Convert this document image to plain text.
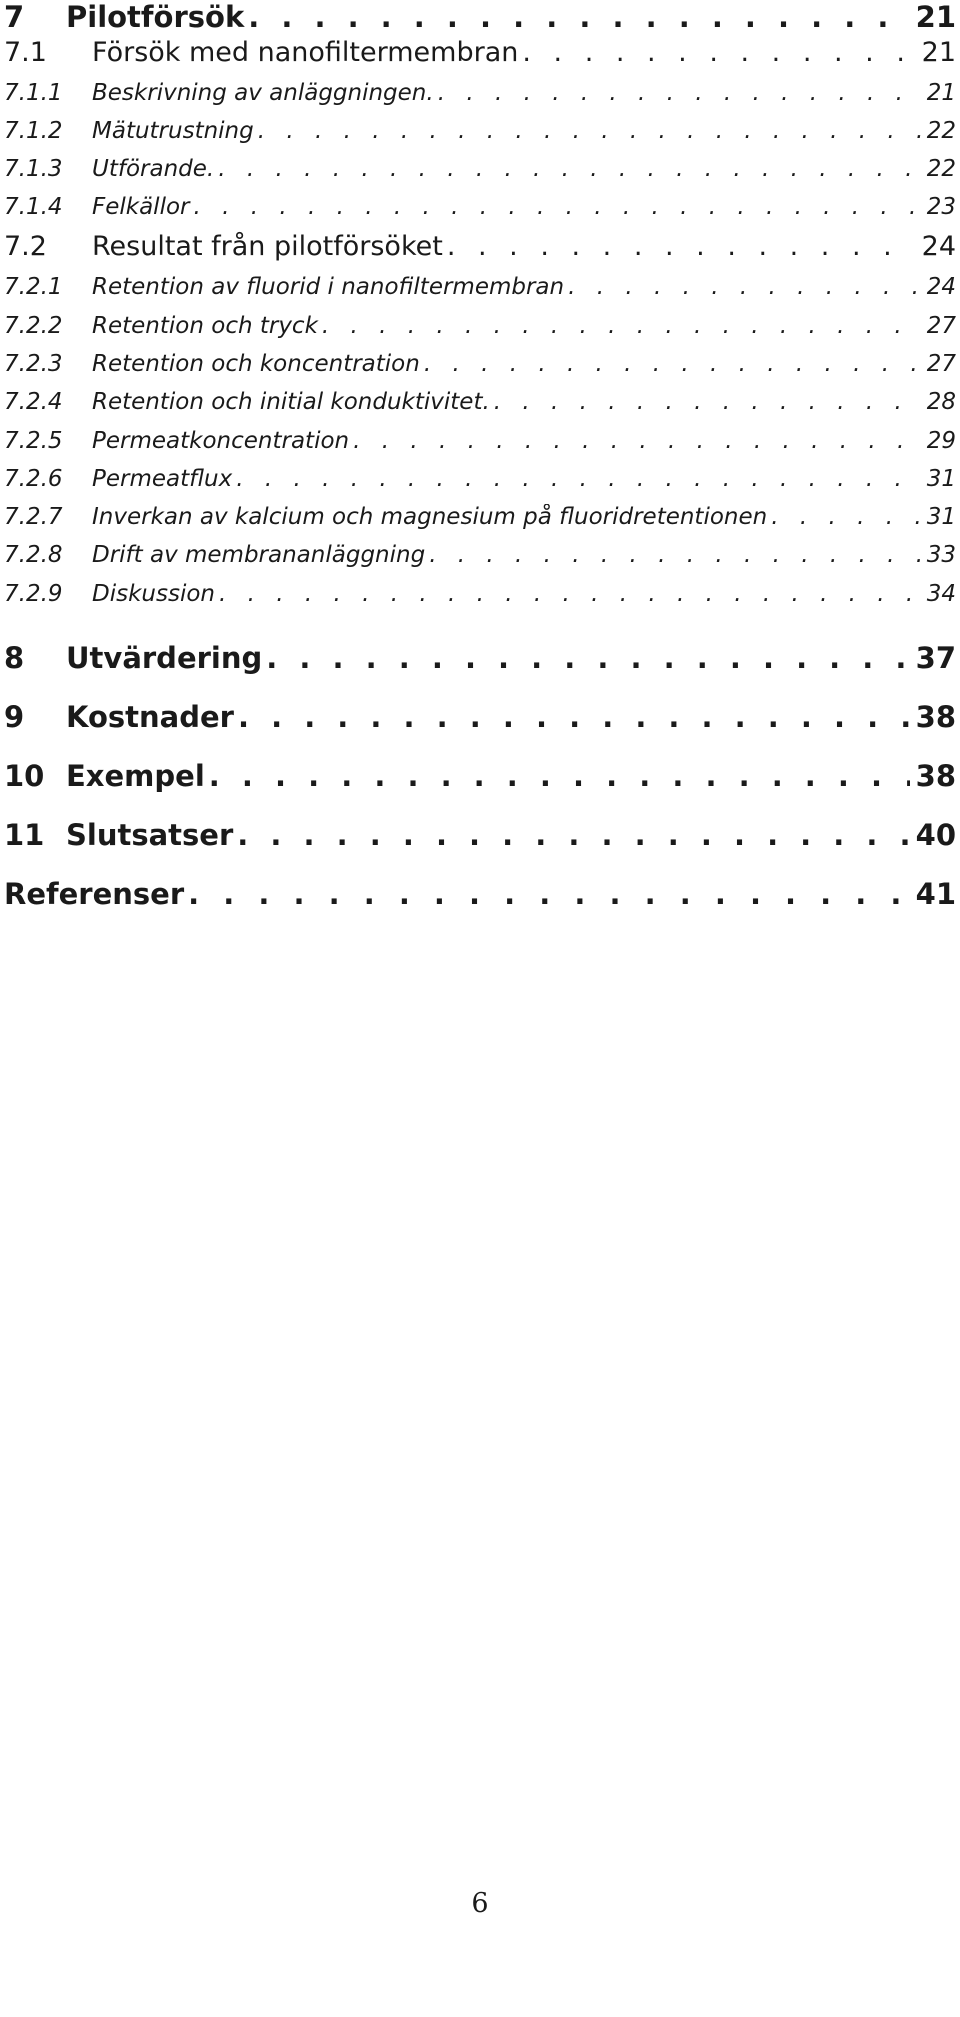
7	Pilotförsök . . .	21
7.1	Försök med nanofiltermembran . . .	21
7.1.1	Beskrivning av anläggningen. . . .	21
7.1.2	Mätutrustning . . .	22
7.1.3	Utförande. . . .	22
7.1.4	Felkällor . . .	23
7.2	Resultat från pilotförsöket . . .	24
7.2.1	Retention av fluorid i nanofiltermembran . . .	24
7.2.2	Retention och tryck . . .	27
7.2.3	Retention och koncentration . . .	27
7.2.4	Retention och initial konduktivitet. . . .	28
7.2.5	Permeatkoncentration . . .	29
7.2.6	Permeatflux . . .	31
7.2.7	Inverkan av kalcium och magnesium på fluoridretentionen . . .	31
7.2.8	Drift av membrananläggning . . .	33
7.2.9	Diskussion . . .	34
8	Utvärdering . . .	37
9	Kostnader . . .	38
10 Exempel . . .	38
11 Slutsatser . . .	40
Referenser . . .	41
6
